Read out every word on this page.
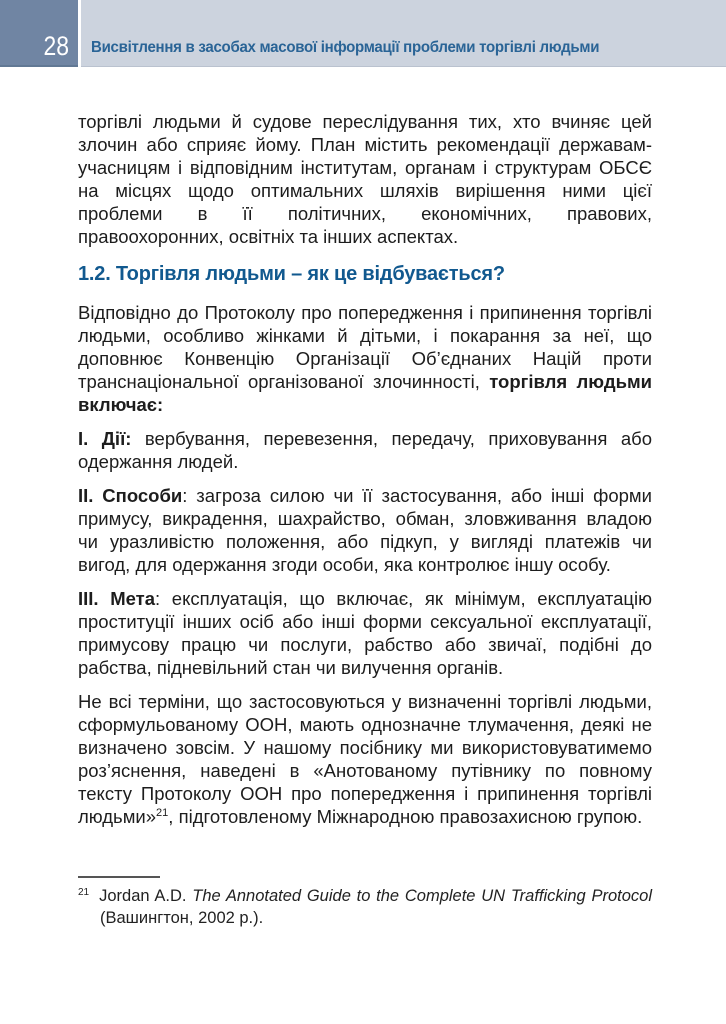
28 Висвітлення в засобах масової інформації проблеми торгівлі людьми

торгівлі людьми й судове переслідування тих, хто вчиняє цей злочин або сприяє йому. План містить рекомендації державам-учасницям і відповідним інститутам, органам і структурам ОБСЄ на місцях щодо оптимальних шляхів вирішення ними цієї проблеми в її політичних, економічних, правових, правоохоронних, освітніх та інших аспектах.

1.2. Торгівля людьми – як це відбувається?

Відповідно до Протоколу про попередження і припинення торгівлі людьми, особливо жінками й дітьми, і покарання за неї, що доповнює Конвенцію Організації Об’єднаних Націй проти транснаціональної організованої злочинності, торгівля людьми включає:

І. Дії: вербування, перевезення, передачу, приховування або одержання людей.

ІІ. Способи: загроза силою чи її застосування, або інші форми примусу, викрадення, шахрайство, обман, зловживання владою чи уразливістю положення, або підкуп, у вигляді платежів чи вигод, для одержання згоди особи, яка контролює іншу особу.

ІІІ. Мета: експлуатація, що включає, як мінімум, експлуатацію проституції інших осіб або інші форми сексуальної експлуатації, примусову працю чи послуги, рабство або звичаї, подібні до рабства, підневільний стан чи вилучення органів.

Не всі терміни, що застосовуються у визначенні торгівлі людьми, сформульованому ООН, мають однозначне тлумачення, деякі не визначено зовсім. У нашому посібнику ми використовуватимемо роз’яснення, наведені в «Анотованому путівнику по повному тексту Протоколу ООН про попередження і припинення торгівлі людьми»$^{21}$, підготовленому Міжнародною правозахисною групою.

$^{21}$ Jordan A.D. The Annotated Guide to the Complete UN Trafficking Protocol (Вашингтон, 2002 р.).
